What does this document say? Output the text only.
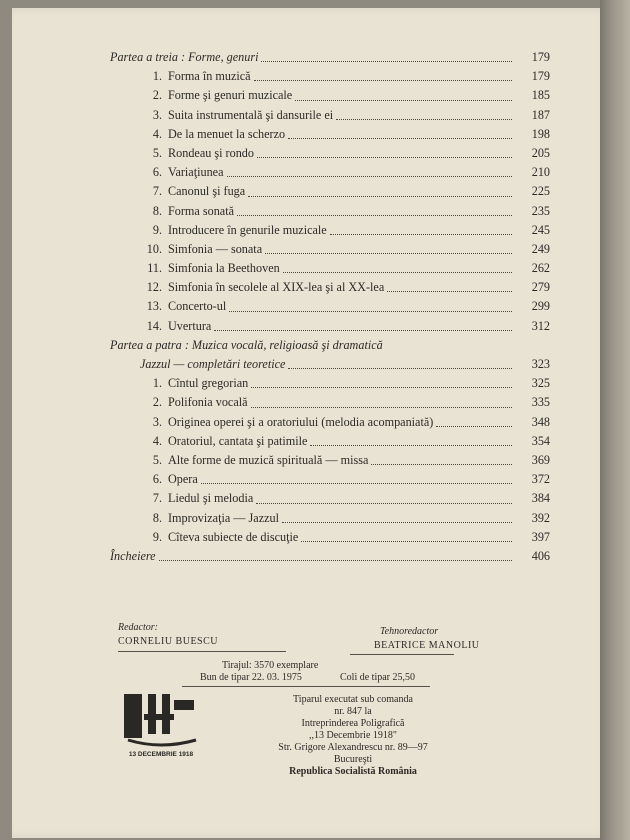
Partea a treia : Forme, genuri	179
1. Forma în muzică	179
2. Forme şi genuri muzicale	185
3. Suita instrumentală şi dansurile ei	187
4. De la menuet la scherzo	198
5. Rondeau şi rondo	205
6. Variaţiunea	210
7. Canonul şi fuga	225
8. Forma sonată	235
9. Introducere în genurile muzicale	245
10. Simfonia — sonata	249
11. Simfonia la Beethoven	262
12. Simfonia în secolele al XIX-lea şi al XX-lea	279
13. Concerto-ul	299
14. Uvertura	312
Partea a patra : Muzica vocală, religioasă şi dramatică
Jazzul — completări teoretice	323
1. Cîntul gregorian	325
2. Polifonia vocală	335
3. Originea operei şi a oratoriului (melodia acompaniată)	348
4. Oratoriul, cantata şi patimile	354
5. Alte forme de muzică spirituală — missa	369
6. Opera	372
7. Liedul şi melodia	384
8. Improvizaţia — Jazzul	392
9. Cîteva subiecte de discuţie	397
Încheiere	406
Redactor:	Tehnoredactor
CORNELIU BUESCU	BEATRICE MANOLIU
Tirajul: 3570 exemplare
Bun de tipar 22. 03. 1975	Coli de tipar 25,50
13 DECEMBRIE 1918
Tiparul executat sub comanda
nr. 847 la
Intreprinderea Poligrafică
,,13 Decembrie 1918"
Str. Grigore Alexandrescu nr. 89—97
Bucureşti
Republica Socialistă România
